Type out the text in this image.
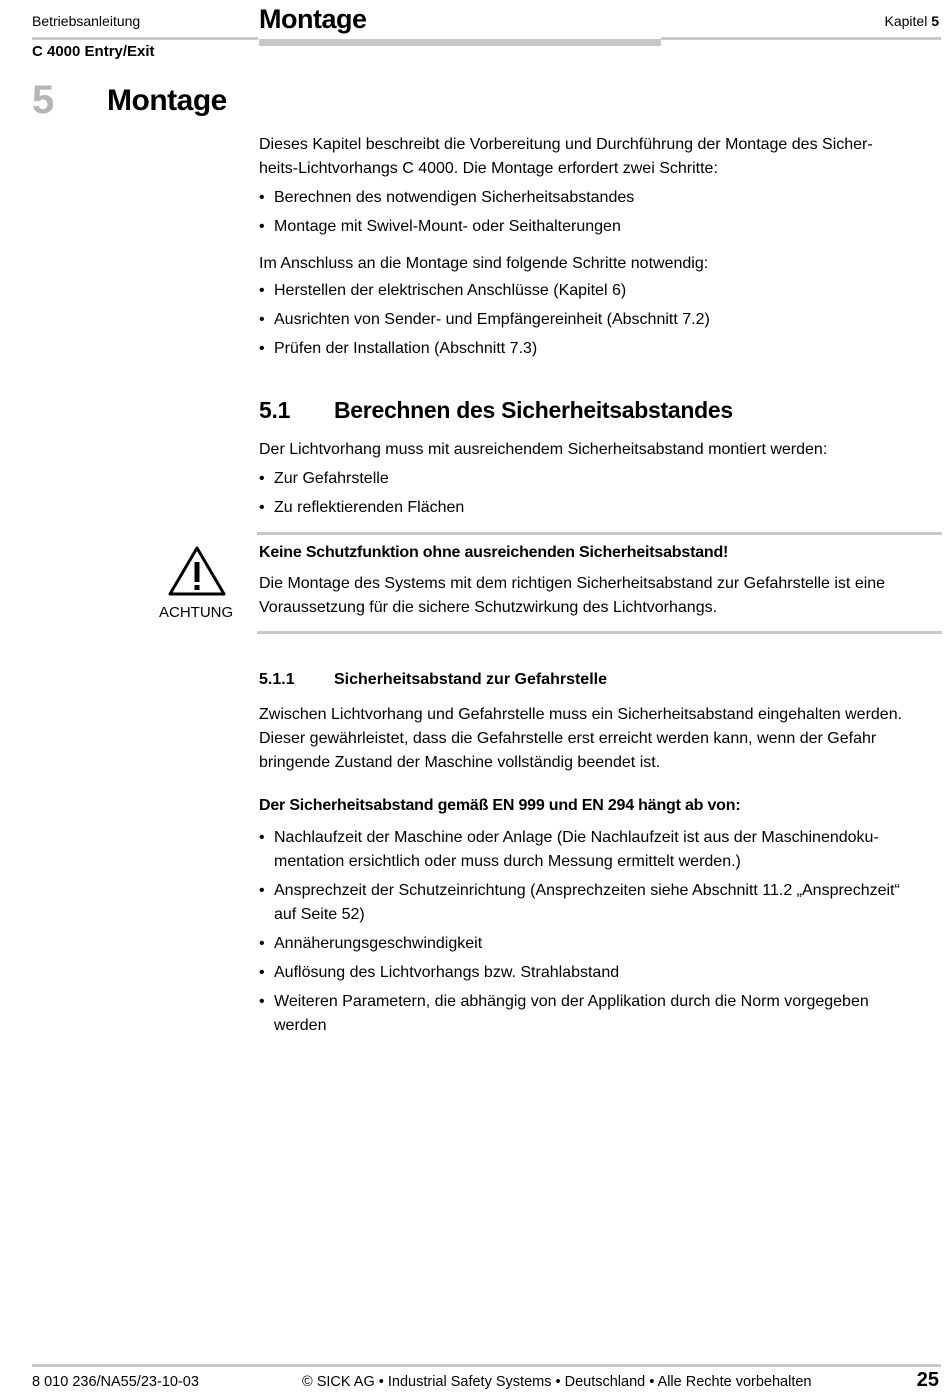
Betriebsanleitung
C 4000 Entry/Exit
Montage	Kapitel 5
5 Montage
Dieses Kapitel beschreibt die Vorbereitung und Durchführung der Montage des Sicher-
heits-Lichtvorhangs C 4000. Die Montage erfordert zwei Schritte:
• Berechnen des notwendigen Sicherheitsabstandes
• Montage mit Swivel-Mount- oder Seithalterungen
Im Anschluss an die Montage sind folgende Schritte notwendig:
• Herstellen der elektrischen Anschlüsse (Kapitel 6)
• Ausrichten von Sender- und Empfängereinheit (Abschnitt 7.2)
• Prüfen der Installation (Abschnitt 7.3)
5.1 Berechnen des Sicherheitsabstandes
Der Lichtvorhang muss mit ausreichendem Sicherheitsabstand montiert werden:
• Zur Gefahrstelle
• Zu reflektierenden Flächen
ACHTUNG
Keine Schutzfunktion ohne ausreichenden Sicherheitsabstand!
Die Montage des Systems mit dem richtigen Sicherheitsabstand zur Gefahrstelle ist eine
Voraussetzung für die sichere Schutzwirkung des Lichtvorhangs.
5.1.1 Sicherheitsabstand zur Gefahrstelle
Zwischen Lichtvorhang und Gefahrstelle muss ein Sicherheitsabstand eingehalten werden.
Dieser gewährleistet, dass die Gefahrstelle erst erreicht werden kann, wenn der Gefahr
bringende Zustand der Maschine vollständig beendet ist.
Der Sicherheitsabstand gemäß EN 999 und EN 294 hängt ab von:
• Nachlaufzeit der Maschine oder Anlage (Die Nachlaufzeit ist aus der Maschinendoku-mentation ersichtlich oder muss durch Messung ermittelt werden.)
• Ansprechzeit der Schutzeinrichtung (Ansprechzeiten siehe Abschnitt 11.2 „Ansprechzeit“ auf Seite 52)
• Annäherungsgeschwindigkeit
• Auflösung des Lichtvorhangs bzw. Strahlabstand
• Weiteren Parametern, die abhängig von der Applikation durch die Norm vorgegeben werden
8 010 236/NA55/23-10-03	© SICK AG • Industrial Safety Systems • Deutschland • Alle Rechte vorbehalten	25
